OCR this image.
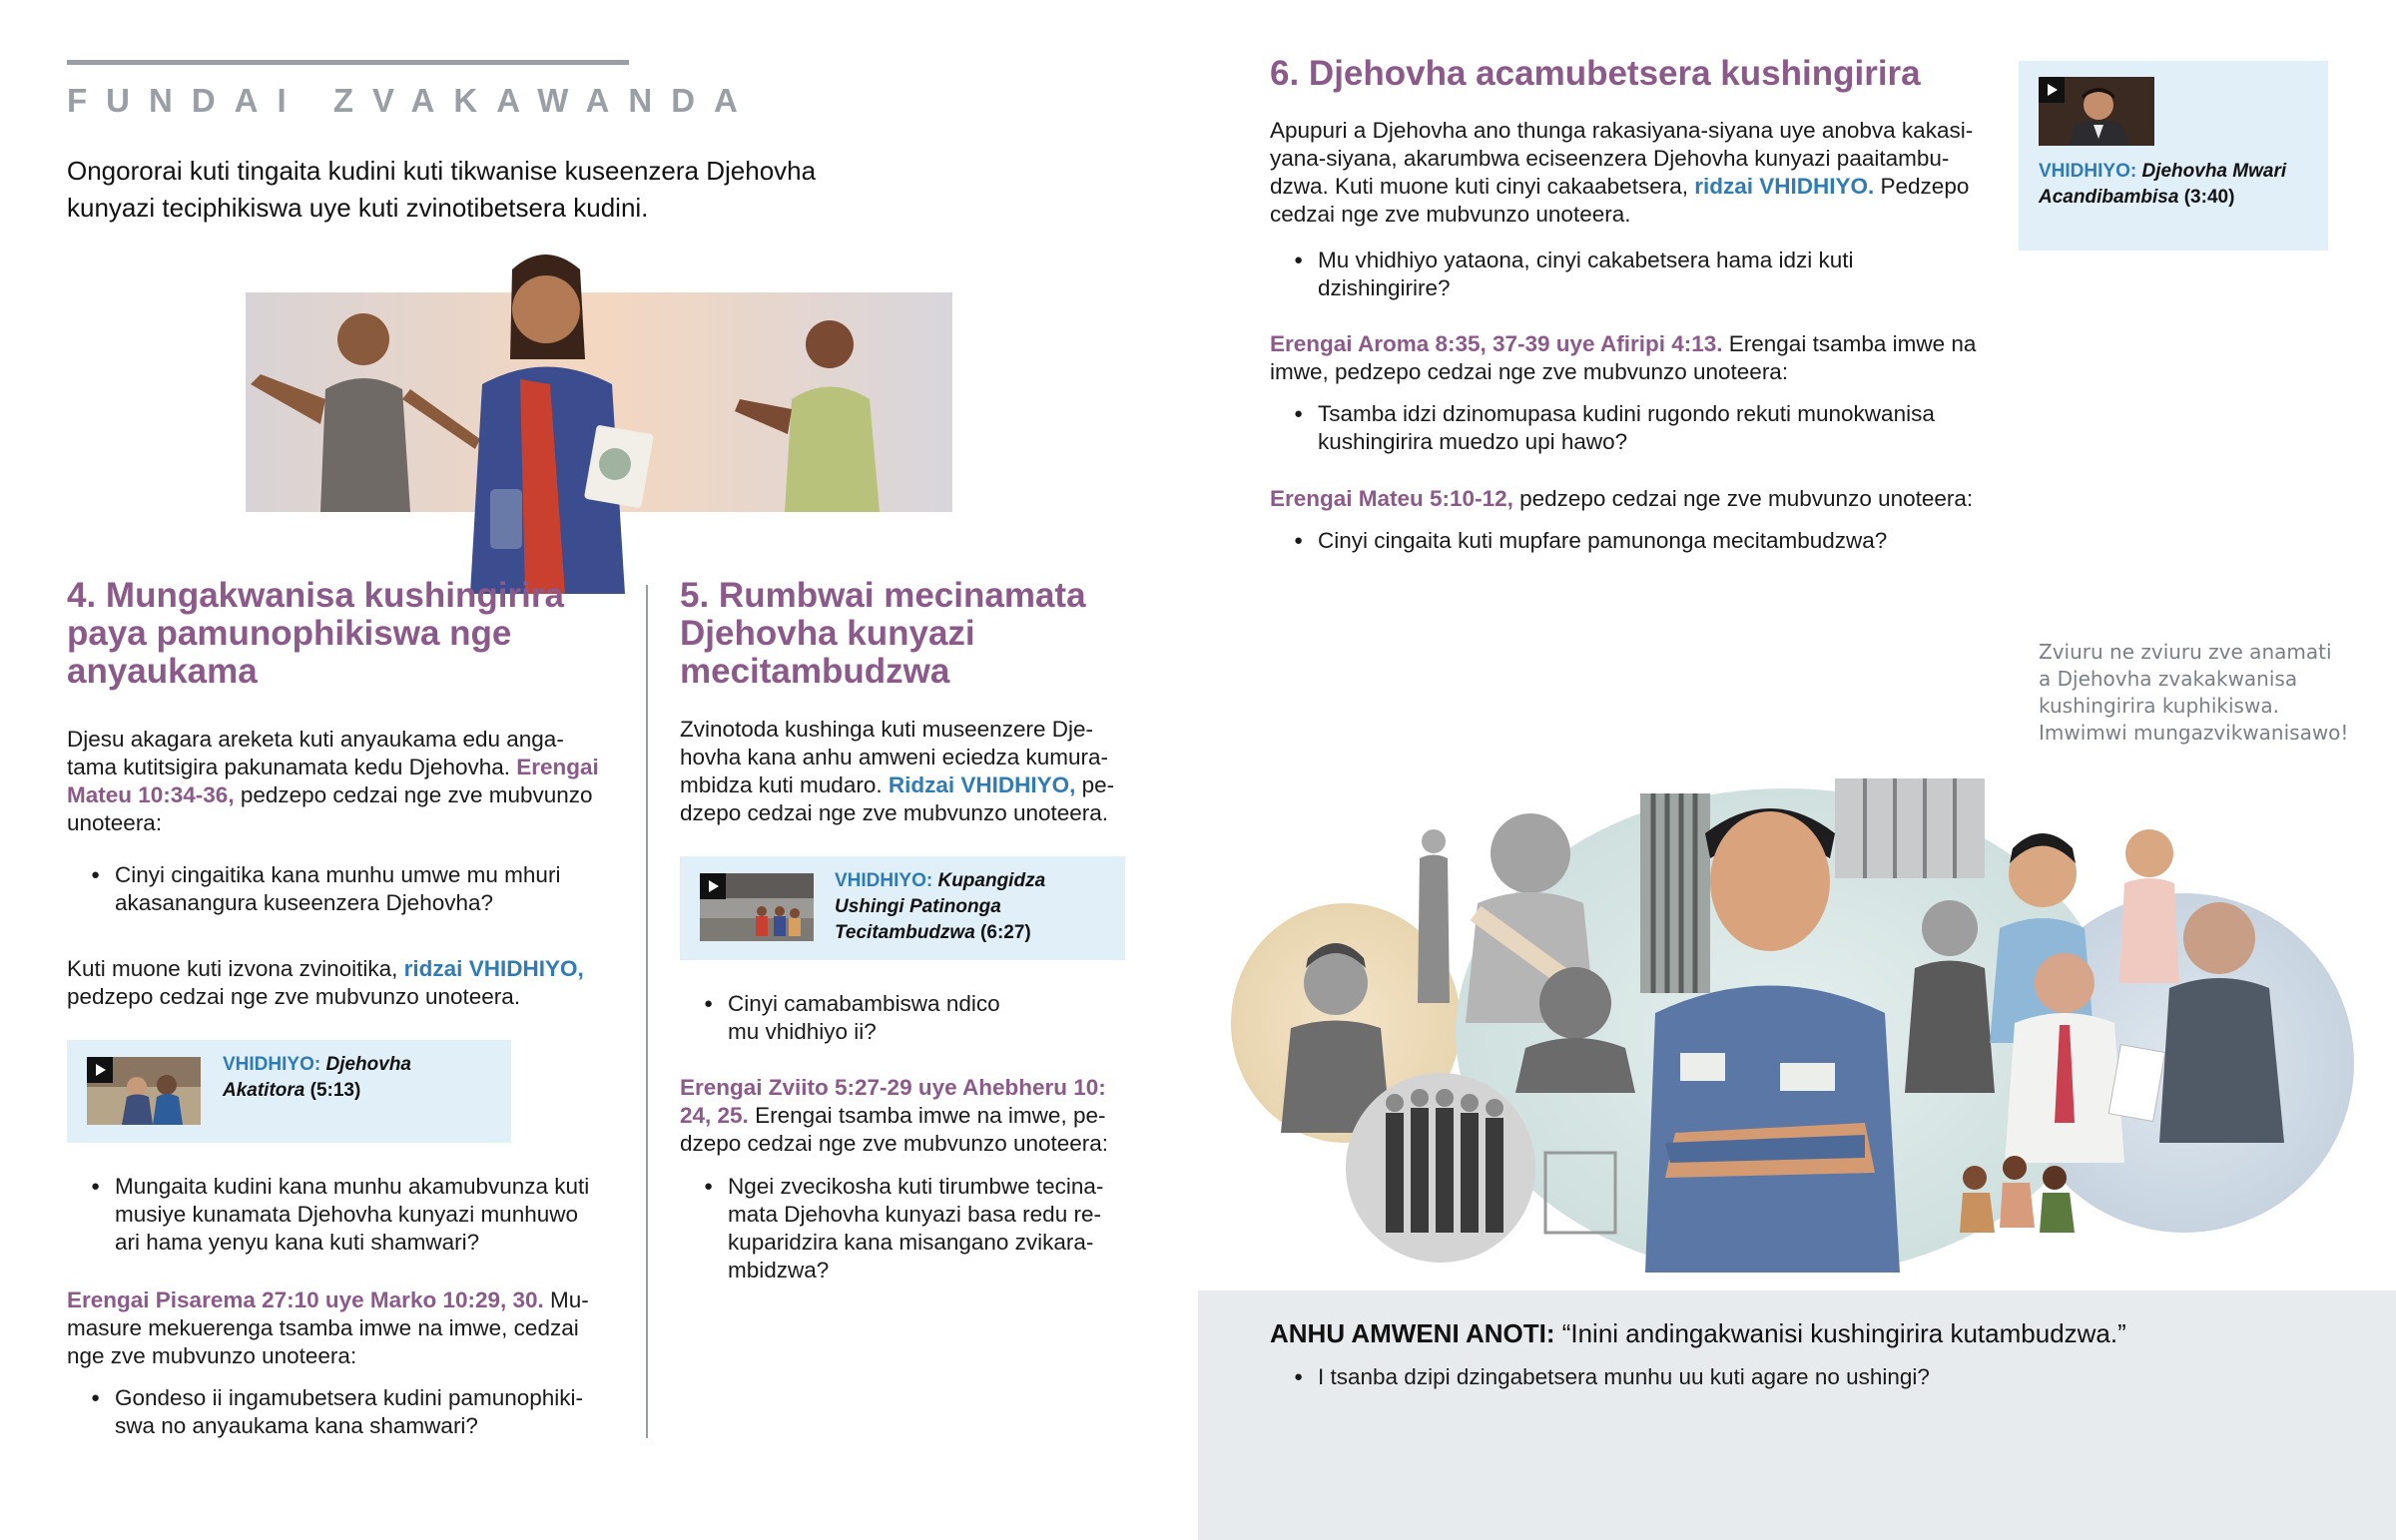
FUNDAI ZVAKAWANDA
Ongororai kuti tingaita kudini kuti tikwanise kuseenzera Djehovha kunyazi teciphikiswa uye kuti zvinotibetsera kudini.
4. Mungakwanisa kushingirira
paya pamunophikiswa nge
anyaukama
Djesu akagara areketa kuti anyaukama edu anga-
tama kutitsigira pakunamata kedu Djehovha. Erengai
Mateu 10:34-36, pedzepo cedzai nge zve mubvunzo
unoteera:
● Cinyi cingaitika kana munhu umwe mu mhuri
akasanangura kuseenzera Djehovha?
Kuti muone kuti izvona zvinoitika, ridzai VHIDHIYO,
pedzepo cedzai nge zve mubvunzo unoteera.
VHIDHIYO: Djehovha
Akatitora (5:13)
● Mungaita kudini kana munhu akamubvunza kuti
musiye kunamata Djehovha kunyazi munhuwo
ari hama yenyu kana kuti shamwari?
Erengai Pisarema 27:10 uye Marko 10:29, 30. Mu-
masure mekuerenga tsamba imwe na imwe, cedzai
nge zve mubvunzo unoteera:
● Gondeso ii ingamubetsera kudini pamunophiki-
swa no anyaukama kana shamwari?
5. Rumbwai mecinamata
Djehovha kunyazi
mecitambudzwa
Zvinotoda kushinga kuti museenzere Dje-
hovha kana anhu amweni eciedza kumura-
mbidza kuti mudaro. Ridzai VHIDHIYO, pe-
dzepo cedzai nge zve mubvunzo unoteera.
VHIDHIYO: Kupangidza
Ushingi Patinonga
Tecitambudzwa (6:27)
● Cinyi camabambiswa ndico
mu vhidhiyo ii?
Erengai Zviito 5:27-29 uye Ahebheru 10:
24, 25. Erengai tsamba imwe na imwe, pe-
dzepo cedzai nge zve mubvunzo unoteera:
● Ngei zvecikosha kuti tirumbwe tecina-
mata Djehovha kunyazi basa redu re-
kuparidzira kana misangano zvikara-
mbidzwa?
6. Djehovha acamubetsera kushingirira
Apupuri a Djehovha ano thunga rakasiyana-siyana uye anobva kakasi-
yana-siyana, akarumbwa eciseenzera Djehovha kunyazi paaitambu-
dzwa. Kuti muone kuti cinyi cakaabetsera, ridzai VHIDHIYO. Pedzepo
cedzai nge zve mubvunzo unoteera.
● Mu vhidhiyo yataona, cinyi cakabetsera hama idzi kuti
dzishingirire?
Erengai Aroma 8:35, 37-39 uye Afiripi 4:13. Erengai tsamba imwe na
imwe, pedzepo cedzai nge zve mubvunzo unoteera:
● Tsamba idzi dzinomupasa kudini rugondo rekuti munokwanisa
kushingirira muedzo upi hawo?
Erengai Mateu 5:10-12, pedzepo cedzai nge zve mubvunzo unoteera:
● Cinyi cingaita kuti mupfare pamunonga mecitambudzwa?
VHIDHIYO: Djehovha Mwari
Acandibambisa (3:40)
Zviuru ne zviuru zve anamati
a Djehovha zvakakwanisa
kushingirira kuphikiswa.
Imwimwi mungazvikwanisawo!
ANHU AMWENI ANOTI: “Inini andingakwanisi kushingirira kutambudzwa.”
● I tsanba dzipi dzingabetsera munhu uu kuti agare no ushingi?
